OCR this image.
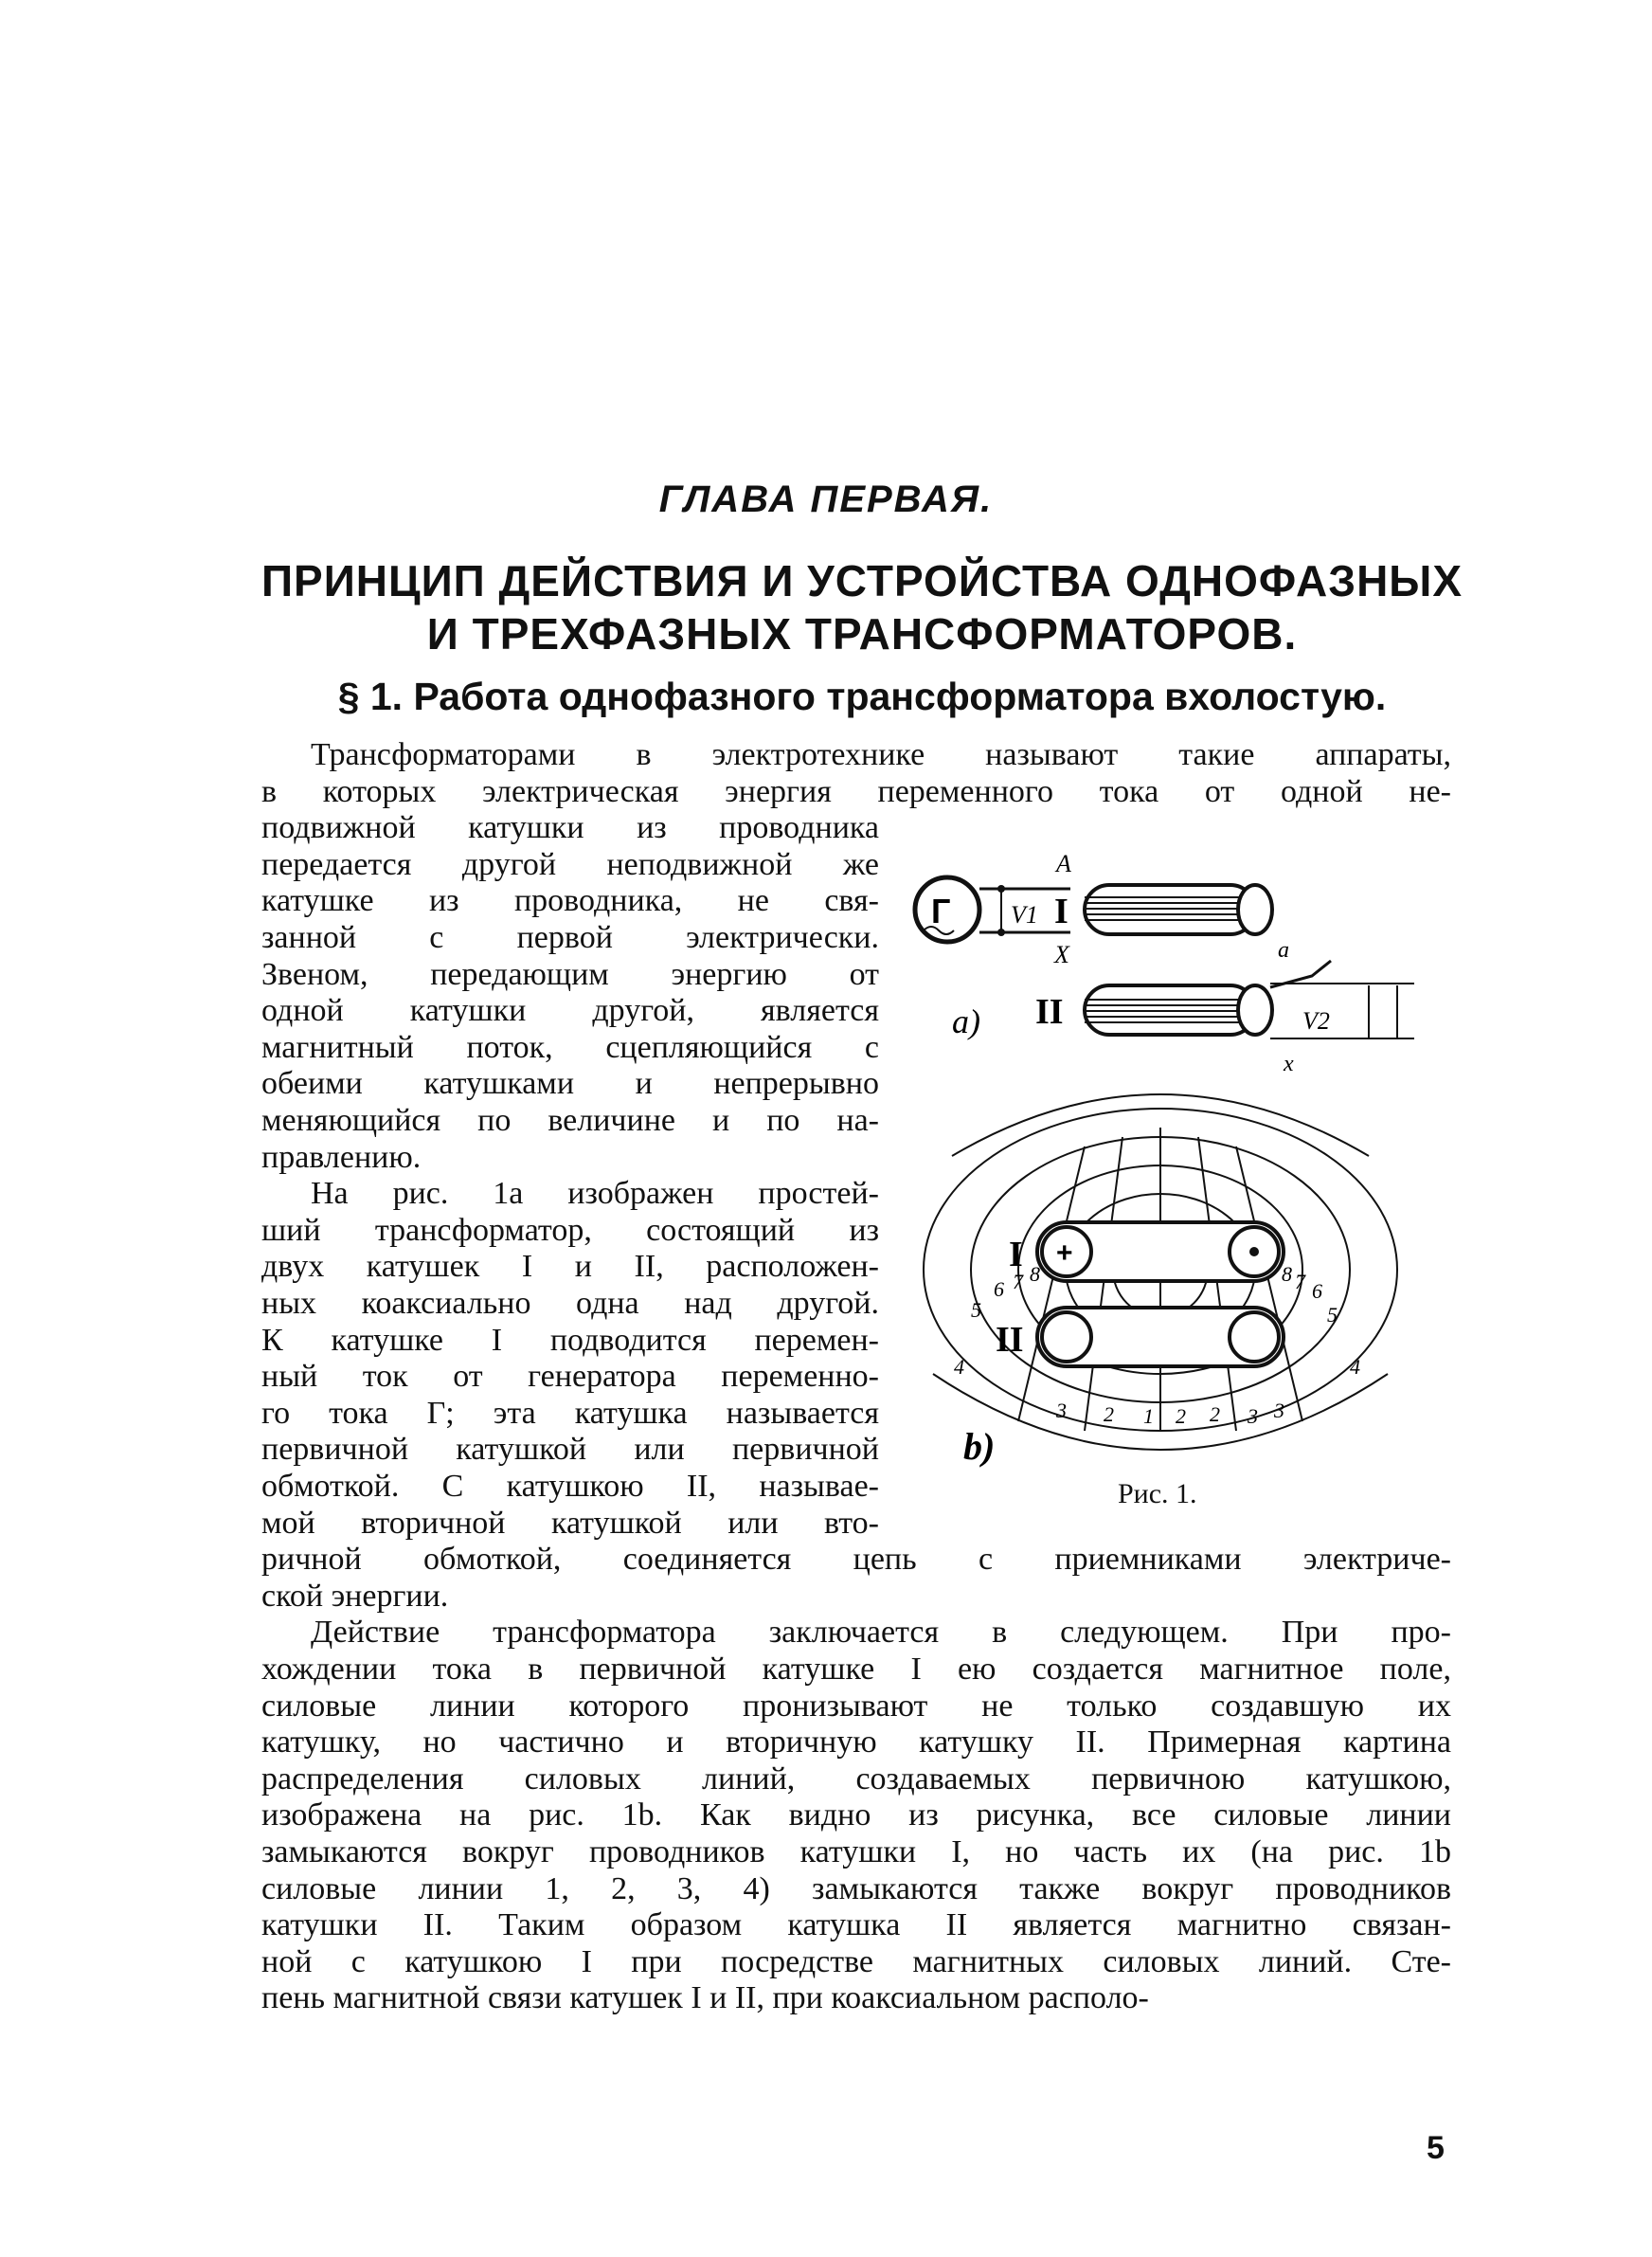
ГЛАВА ПЕРВАЯ.
ПРИНЦИП ДЕЙСТВИЯ И УСТРОЙСТВА ОДНОФАЗНЫХ
И ТРЕХФАЗНЫХ ТРАНСФОРМАТОРОВ.
§ 1. Работа однофазного трансформатора вхолостую.
Трансформаторами в электротехнике называют такие аппараты,
в которых электрическая энергия переменного тока от одной не-
подвижной катушки из проводника
передается другой неподвижной же
катушке из проводника, не свя-
занной с первой электрически.
Звеном, передающим энергию от
одной катушки другой, является
магнитный поток, сцепляющийся с
обеими катушками и непрерывно
меняющийся по величине и по на-
правлению.
На рис. 1а изображен простей-
ший трансформатор, состоящий из
двух катушек I и II, расположен-
ных коаксиально одна над другой.
К катушке I подводится перемен-
ный ток от генератора переменно-
го тока Г; эта катушка называется
первичной катушкой или первичной
обмоткой. С катушкою II, называе-
мой вторичной катушкой или вто-
ричной обмоткой, соединяется цепь с приемниками электриче-
ской энергии.
Действие трансформатора заключается в следующем. При про-
хождении тока в первичной катушке I ею создается магнитное поле,
силовые линии которого пронизывают не только создавшую их
катушку, но частично и вторичную катушку II. Примерная картина
распределения силовых линий, создаваемых первичною катушкою,
изображена на рис. 1b. Как видно из рисунка, все силовые линии
замыкаются вокруг проводников катушки I, но часть их (на рис. 1b
силовые линии 1, 2, 3, 4) замыкаются также вокруг проводников
катушки II. Таким образом катушка II является магнитно связан-
ной с катушкою I при посредстве магнитных силовых линий. Сте-
пень магнитной связи катушек I и II, при коаксиальном располо-
Г V1
A
X
I
II
a
x
V2
а)
+
I
II
b)
1
2
3
4
5
6 7 8
2	3
4
5
6
7
8
2	3
Рис. 1.
5
